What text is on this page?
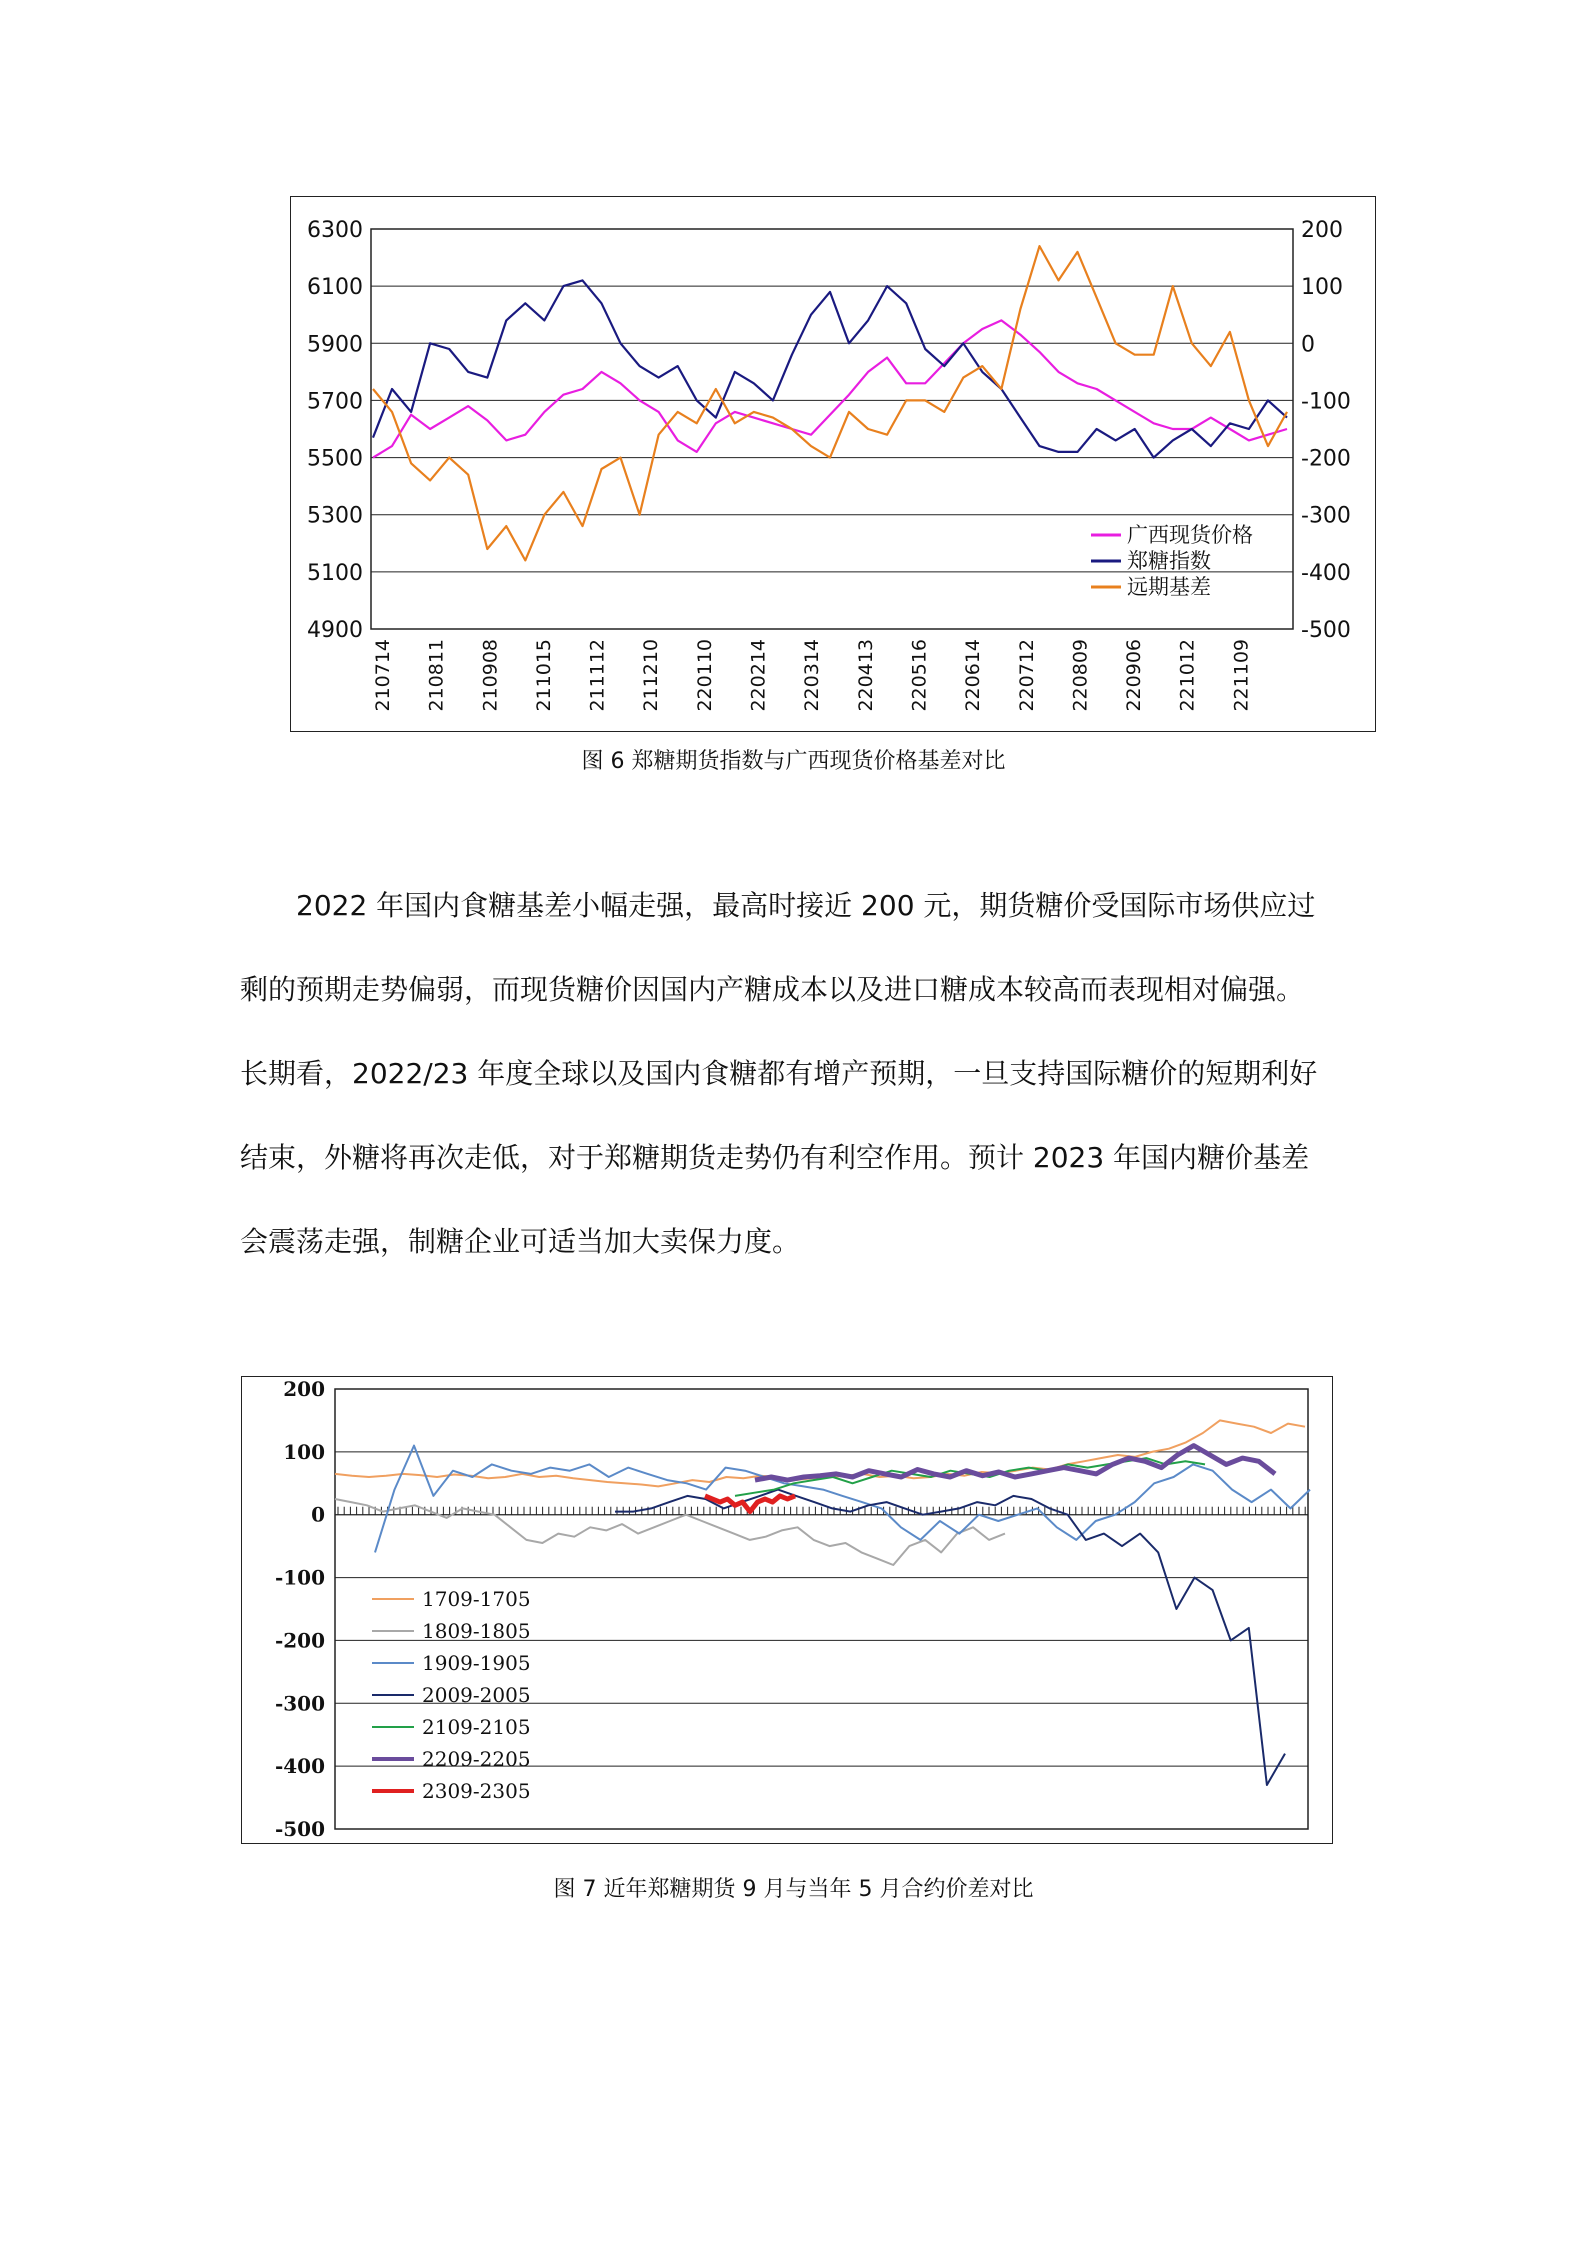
6300
6100
5900
5700
5500
5300
5100
4900
200
100
0
-100
-200
-300
-400
-500
210714 210811 210908 211015 211112 211210 220110 220214 220314 220413 220516 220614 220712 220809 220906 221012 221109
广西现货价格
郑糖指数
远期基差
图 6 郑糖期货指数与广西现货价格基差对比
2022 年国内食糖基差小幅走强，最高时接近 200 元，期货糖价受国际市场供应过
剩的预期走势偏弱，而现货糖价因国内产糖成本以及进口糖成本较高而表现相对偏强。
长期看，2022/23 年度全球以及国内食糖都有增产预期，一旦支持国际糖价的短期利好
结束，外糖将再次走低，对于郑糖期货走势仍有利空作用。预计 2023 年国内糖价基差
会震荡走强，制糖企业可适当加大卖保力度。
200
100
0
-100
-200
-300
-400
-500
1709-1705
1809-1805
1909-1905
2009-2005
2109-2105
2209-2205
2309-2305
图 7 近年郑糖期货 9 月与当年 5 月合约价差对比
